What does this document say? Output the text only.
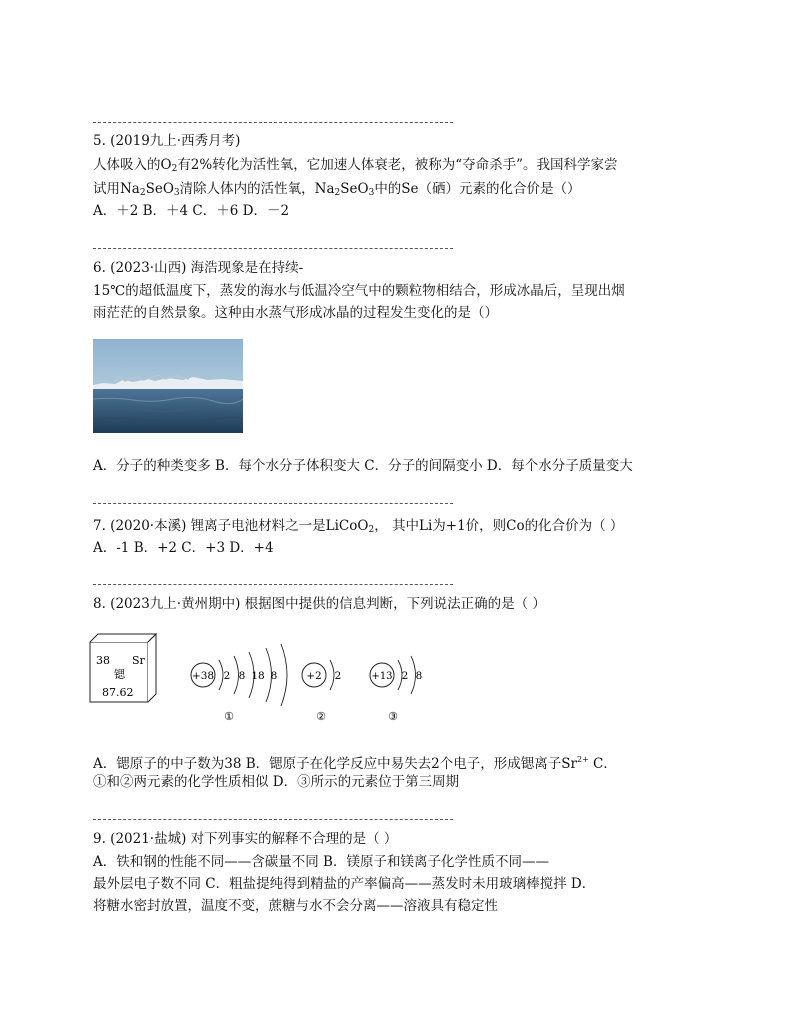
5. (2019九上·西秀月考)
人体吸入的$O_2$有2%转化为活性氧，它加速人体衰老，被称为“夺命杀手”。我国科学家尝
试用$Na_2SeO_3$清除人体内的活性氧，$Na_2SeO_3$中的Se（硒）元素的化合价是（）
A．＋2 B．＋4 C．＋6 D．－2
6. (2023·山西) 海浩现象是在持续-
15℃的超低温度下，蒸发的海水与低温冷空气中的颗粒物相结合，形成冰晶后，呈现出烟
雨茫茫的自然景象。这种由水蒸气形成冰晶的过程发生变化的是（）
A．分子的种类变多 B．每个水分子体积变大 C．分子的间隔变小 D．每个水分子质量变大
7. (2020·本溪) 锂离子电池材料之一是LiCoO$_2$， 其中Li为+1价，则Co的化合价为（ ）
A．-1 B．+2 C．+3 D．+4
8. (2023九上·黄州期中) 根据图中提供的信息判断，下列说法正确的是（ ）
38 Sr
锶
87.62
+38 2 8 18 8
①
+2 2
②
+13 2 8
③
A．锶原子的中子数为38 B．锶原子在化学反应中易失去2个电子，形成锶离子$Sr^{2+}$ C．
①和②两元素的化学性质相似 D．③所示的元素位于第三周期
9. (2021·盐城) 对下列事实的解释不合理的是（ ）
A．铁和钢的性能不同——含碳量不同 B．镁原子和镁离子化学性质不同——
最外层电子数不同 C．粗盐提纯得到精盐的产率偏高——蒸发时未用玻璃棒搅拌 D．
将糖水密封放置，温度不变，蔗糖与水不会分离——溶液具有稳定性
